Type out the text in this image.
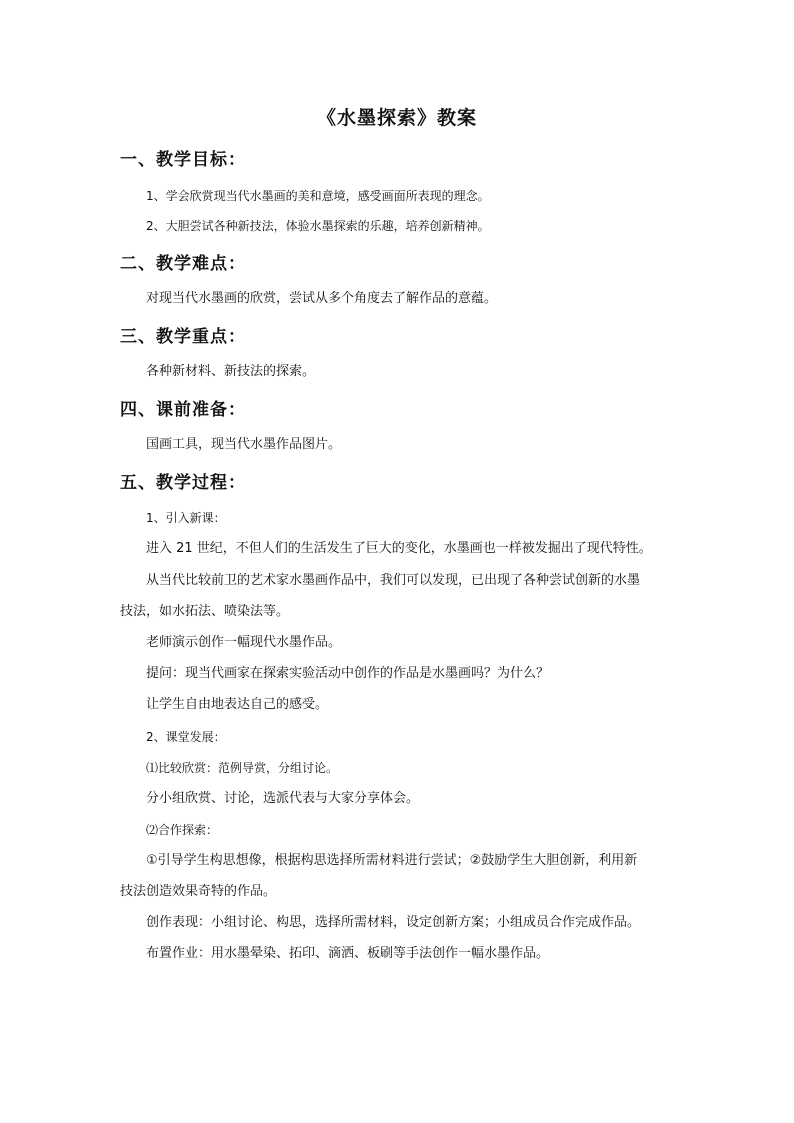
《水墨探索》教案
一、教学目标：
1、学会欣赏现当代水墨画的美和意境，感受画面所表现的理念。
2、大胆尝试各种新技法，体验水墨探索的乐趣，培养创新精神。
二、教学难点：
对现当代水墨画的欣赏，尝试从多个角度去了解作品的意蕴。
三、教学重点：
各种新材料、新技法的探索。
四、课前准备：
国画工具，现当代水墨作品图片。
五、教学过程：
1、引入新课：
进入 21 世纪，不但人们的生活发生了巨大的变化，水墨画也一样被发掘出了现代特性。
从当代比较前卫的艺术家水墨画作品中，我们可以发现，已出现了各种尝试创新的水墨
技法，如水拓法、喷染法等。
老师演示创作一幅现代水墨作品。
提问：现当代画家在探索实验活动中创作的作品是水墨画吗？为什么？
让学生自由地表达自己的感受。
2、课堂发展：
⑴比较欣赏：范例导赏，分组讨论。
分小组欣赏、讨论，选派代表与大家分享体会。
⑵合作探索：
①引导学生构思想像，根据构思选择所需材料进行尝试；②鼓励学生大胆创新，利用新
技法创造效果奇特的作品。
创作表现：小组讨论、构思，选择所需材料，设定创新方案；小组成员合作完成作品。
布置作业：用水墨晕染、拓印、滴洒、板刷等手法创作一幅水墨作品。
